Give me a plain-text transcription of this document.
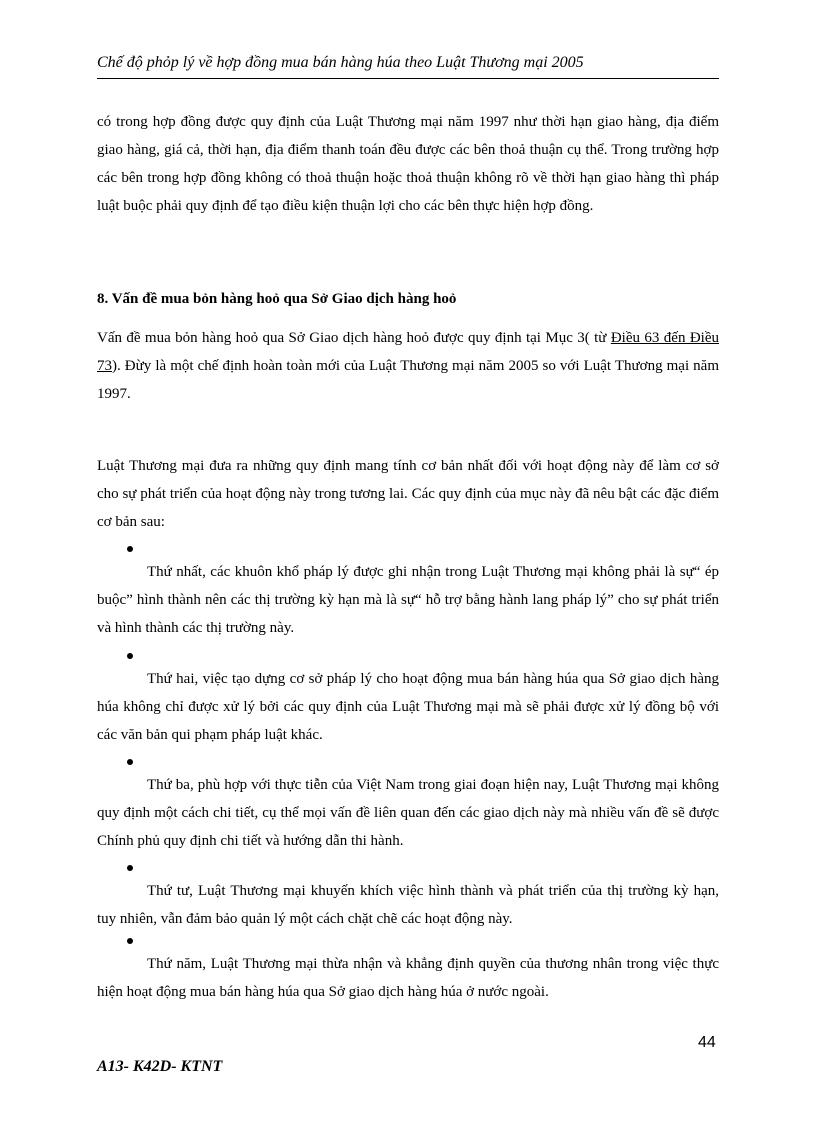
Chế độ phỏp lý về hợp đồng mua bán hàng húa theo Luật Thương mại 2005
có trong hợp đồng được quy định của Luật Thương mại năm 1997 như thời hạn giao hàng, địa điểm giao hàng, giá cả, thời hạn, địa điểm thanh toán đều được các bên thoả thuận cụ thể. Trong trường hợp các bên trong hợp đồng không có thoả thuận hoặc thoả thuận không rõ về thời hạn giao hàng thì pháp luật buộc phải quy định để tạo điều kiện thuận lợi cho các bên thực hiện hợp đồng.
8. Vấn đề mua bỏn hàng hoỏ qua Sở Giao dịch hàng hoỏ
Vấn đề mua bỏn hàng hoỏ qua Sở Giao dịch hàng hoỏ được quy định tại Mục 3( từ Điều 63 đến Điều 73). Đừy là một chế định hoàn toàn mới của Luật Thương mại năm 2005 so với Luật Thương mại năm 1997.
Luật Thương mại đưa ra những quy định mang tính cơ bản nhất đối với hoạt động này để làm cơ sở cho sự phát triển của hoạt động này trong tương lai. Các quy định của mục này đã nêu bật các đặc điểm cơ bản sau:
Thứ nhất, các khuôn khổ pháp lý được ghi nhận trong Luật Thương mại không phải là sự“ ép buộc” hình thành nên các thị trường kỳ hạn mà là sự“ hỗ trợ bằng hành lang pháp lý” cho sự phát triển và hình thành các thị trường này.
Thứ hai, việc tạo dựng cơ sở pháp lý cho hoạt động mua bán hàng húa qua Sở giao dịch hàng húa không chỉ được xử lý bởi các quy định của Luật Thương mại mà sẽ phải được xử lý đồng bộ với các văn bản qui phạm pháp luật khác.
Thứ ba, phù hợp với thực tiễn của Việt Nam trong giai đoạn hiện nay, Luật Thương mại không quy định một cách chi tiết, cụ thể mọi vấn đề liên quan đến các giao dịch này mà nhiều vấn đề sẽ được Chính phủ quy định chi tiết và hướng dẫn thi hành.
Thứ tư, Luật Thương mại khuyến khích việc hình thành và phát triển của thị trường kỳ hạn, tuy nhiên, vẫn đảm bảo quản lý một cách chặt chẽ các hoạt động này.
Thứ năm, Luật Thương mại thừa nhận và khẳng định quyền của thương nhân trong việc thực hiện hoạt động mua bán hàng húa qua Sở giao dịch hàng húa ở nước ngoài.
44
A13- K42D- KTNT
